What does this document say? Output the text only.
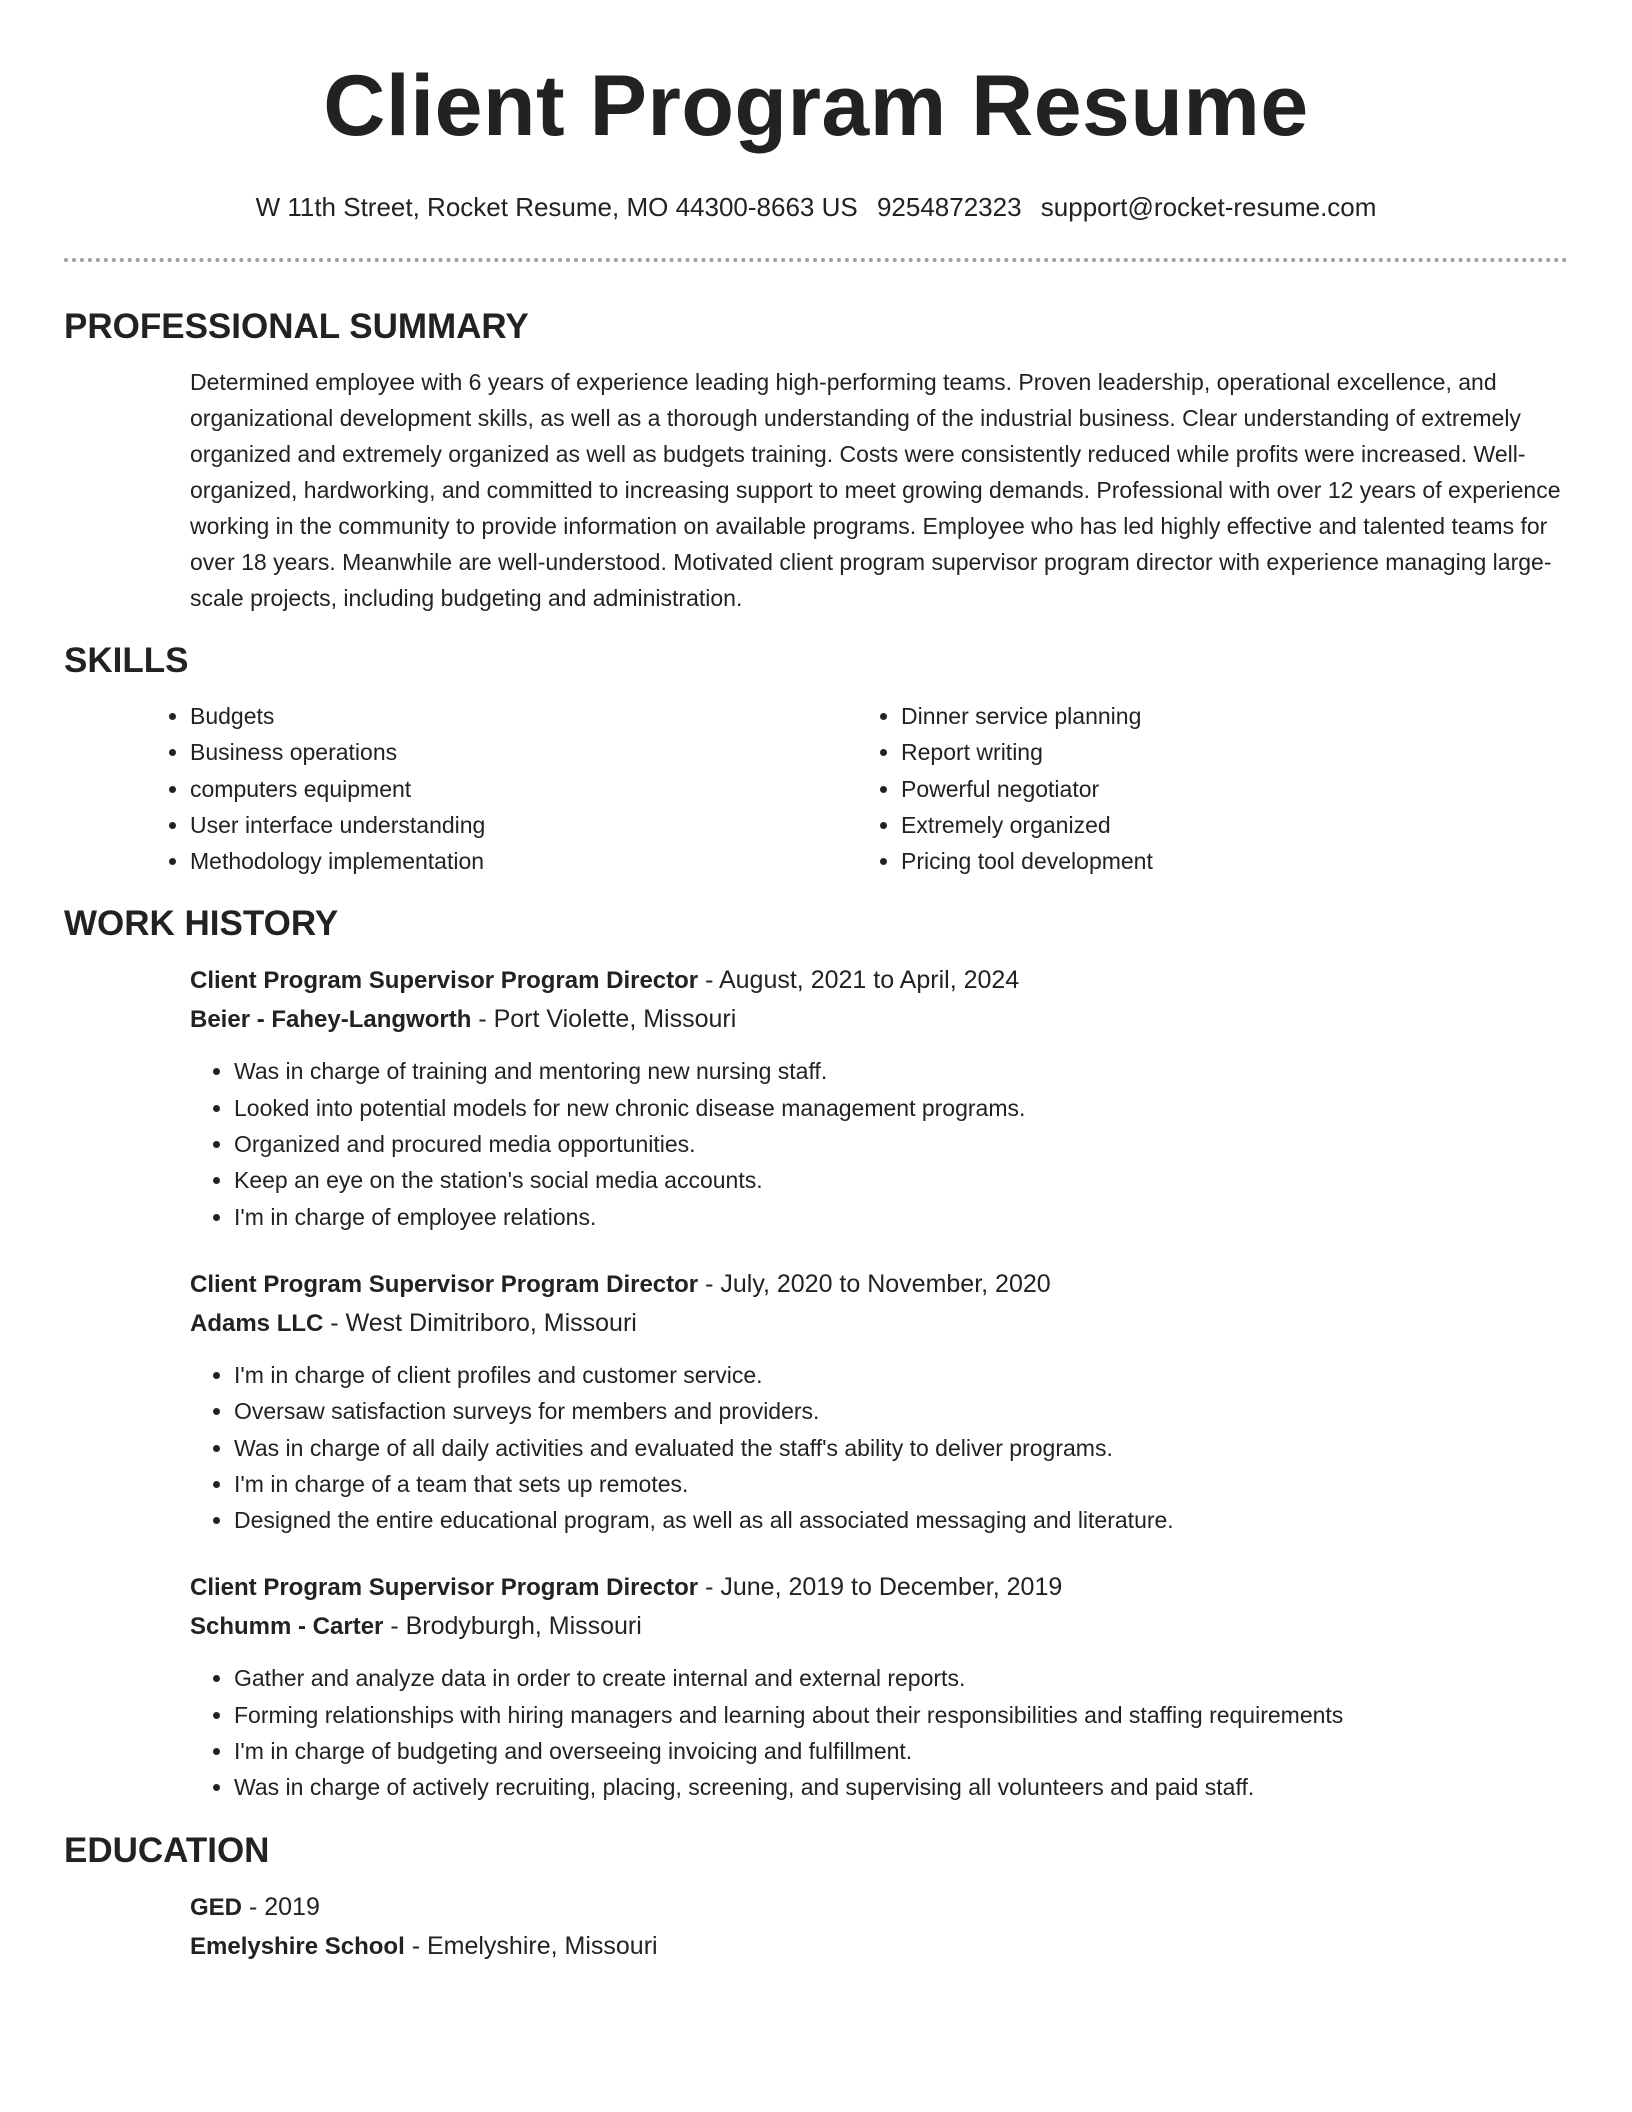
Client Program Resume
W 11th Street, Rocket Resume, MO 44300-8663 US 9254872323 support@rocket-resume.com
PROFESSIONAL SUMMARY

Determined employee with 6 years of experience leading high-performing teams. Proven leadership, operational excellence, and organizational development skills, as well as a thorough understanding of the industrial business. Clear understanding of extremely organized and extremely organized as well as budgets training. Costs were consistently reduced while profits were increased. Well-organized, hardworking, and committed to increasing support to meet growing demands. Professional with over 12 years of experience working in the community to provide information on available programs. Employee who has led highly effective and talented teams for over 18 years. Meanwhile are well-understood. Motivated client program supervisor program director with experience managing large-scale projects, including budgeting and administration.

SKILLS
• Budgets
• Business operations
• computers equipment
• User interface understanding
• Methodology implementation
• Dinner service planning
• Report writing
• Powerful negotiator
• Extremely organized
• Pricing tool development
WORK HISTORY
Client Program Supervisor Program Director - August, 2021 to April, 2024
Beier - Fahey-Langworth - Port Violette, Missouri
• Was in charge of training and mentoring new nursing staff.
• Looked into potential models for new chronic disease management programs.
• Organized and procured media opportunities.
• Keep an eye on the station's social media accounts.
• I'm in charge of employee relations.
Client Program Supervisor Program Director - July, 2020 to November, 2020
Adams LLC - West Dimitriboro, Missouri
• I'm in charge of client profiles and customer service.
• Oversaw satisfaction surveys for members and providers.
• Was in charge of all daily activities and evaluated the staff's ability to deliver programs.
• I'm in charge of a team that sets up remotes.
• Designed the entire educational program, as well as all associated messaging and literature.
Client Program Supervisor Program Director - June, 2019 to December, 2019
Schumm - Carter - Brodyburgh, Missouri
• Gather and analyze data in order to create internal and external reports.
• Forming relationships with hiring managers and learning about their responsibilities and staffing requirements
• I'm in charge of budgeting and overseeing invoicing and fulfillment.
• Was in charge of actively recruiting, placing, screening, and supervising all volunteers and paid staff.
EDUCATION
GED - 2019
Emelyshire School - Emelyshire, Missouri
